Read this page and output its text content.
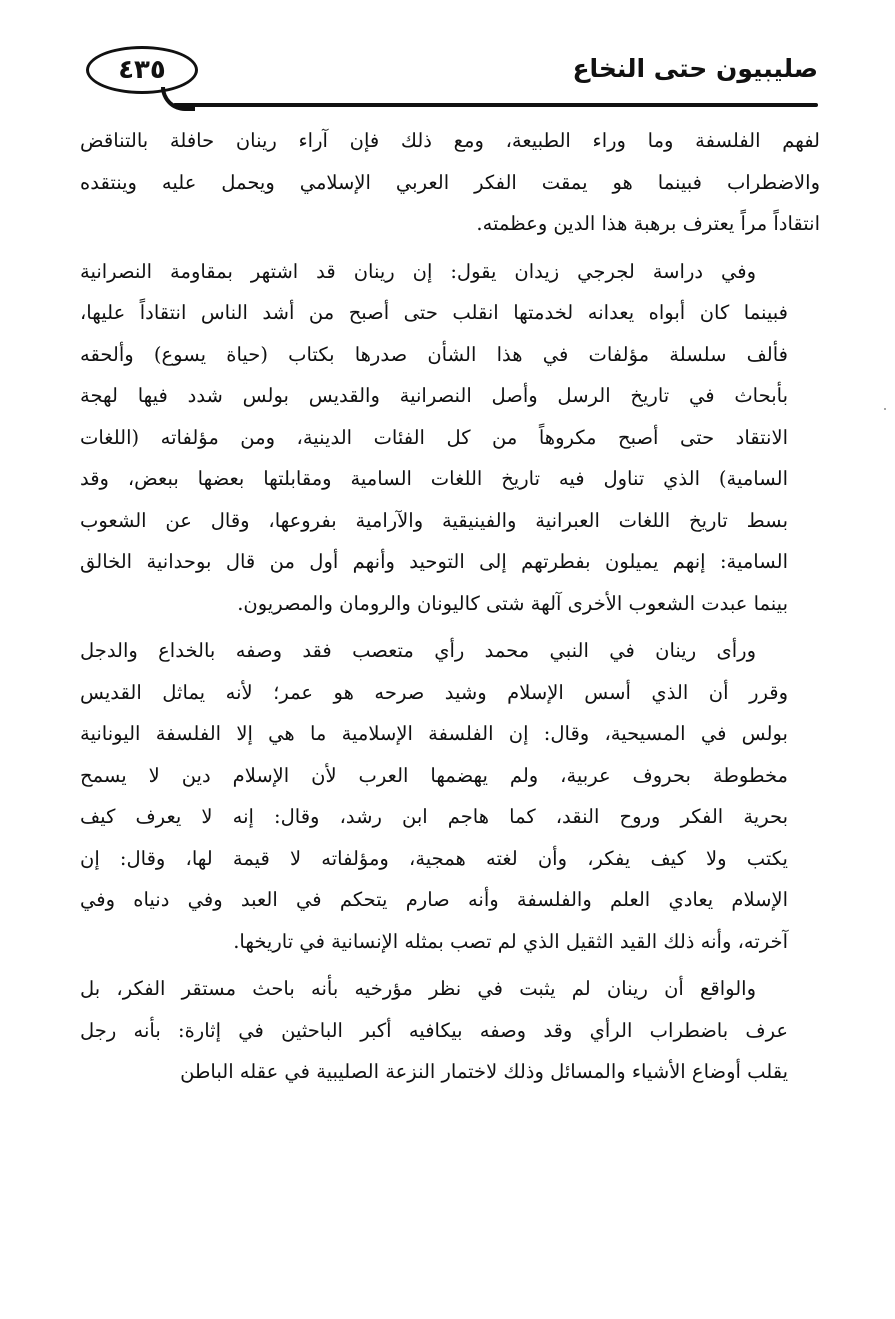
صليبيون حتى النخاع
٤٣٥
لفهم الفلسفة وما وراء الطبيعة، ومع ذلك فإن آراء رينان حافلة بالتناقض
والاضطراب فبينما هو يمقت الفكر العربي الإسلامي ويحمل عليه وينتقده
انتقاداً مراً يعترف برهبة هذا الدين وعظمته.
وفي دراسة لجرجي زيدان يقول: إن رينان قد اشتهر بمقاومة النصرانية
فبينما كان أبواه يعدانه لخدمتها انقلب حتى أصبح من أشد الناس انتقاداً عليها،
فألف سلسلة مؤلفات في هذا الشأن صدرها بكتاب (حياة يسوع) وألحقه
بأبحاث في تاريخ الرسل وأصل النصرانية والقديس بولس شدد فيها لهجة
الانتقاد حتى أصبح مكروهاً من كل الفئات الدينية، ومن مؤلفاته (اللغات
السامية) الذي تناول فيه تاريخ اللغات السامية ومقابلتها بعضها ببعض، وقد
بسط تاريخ اللغات العبرانية والفينيقية والآرامية بفروعها، وقال عن الشعوب
السامية: إنهم يميلون بفطرتهم إلى التوحيد وأنهم أول من قال بوحدانية الخالق
بينما عبدت الشعوب الأخرى آلهة شتى كاليونان والرومان والمصريون.
ورأى رينان في النبي محمد رأي متعصب فقد وصفه بالخداع والدجل
وقرر أن الذي أسس الإسلام وشيد صرحه هو عمر؛ لأنه يماثل القديس
بولس في المسيحية، وقال: إن الفلسفة الإسلامية ما هي إلا الفلسفة اليونانية
مخطوطة بحروف عربية، ولم يهضمها العرب لأن الإسلام دين لا يسمح
بحرية الفكر وروح النقد، كما هاجم ابن رشد، وقال: إنه لا يعرف كيف
يكتب ولا كيف يفكر، وأن لغته همجية، ومؤلفاته لا قيمة لها، وقال: إن
الإسلام يعادي العلم والفلسفة وأنه صارم يتحكم في العبد وفي دنياه وفي
آخرته، وأنه ذلك القيد الثقيل الذي لم تصب بمثله الإنسانية في تاريخها.
والواقع أن رينان لم يثبت في نظر مؤرخيه بأنه باحث مستقر الفكر، بل
عرف باضطراب الرأي وقد وصفه بيكافيه أكبر الباحثين في إثارة: بأنه رجل
يقلب أوضاع الأشياء والمسائل وذلك لاختمار النزعة الصليبية في عقله الباطن
